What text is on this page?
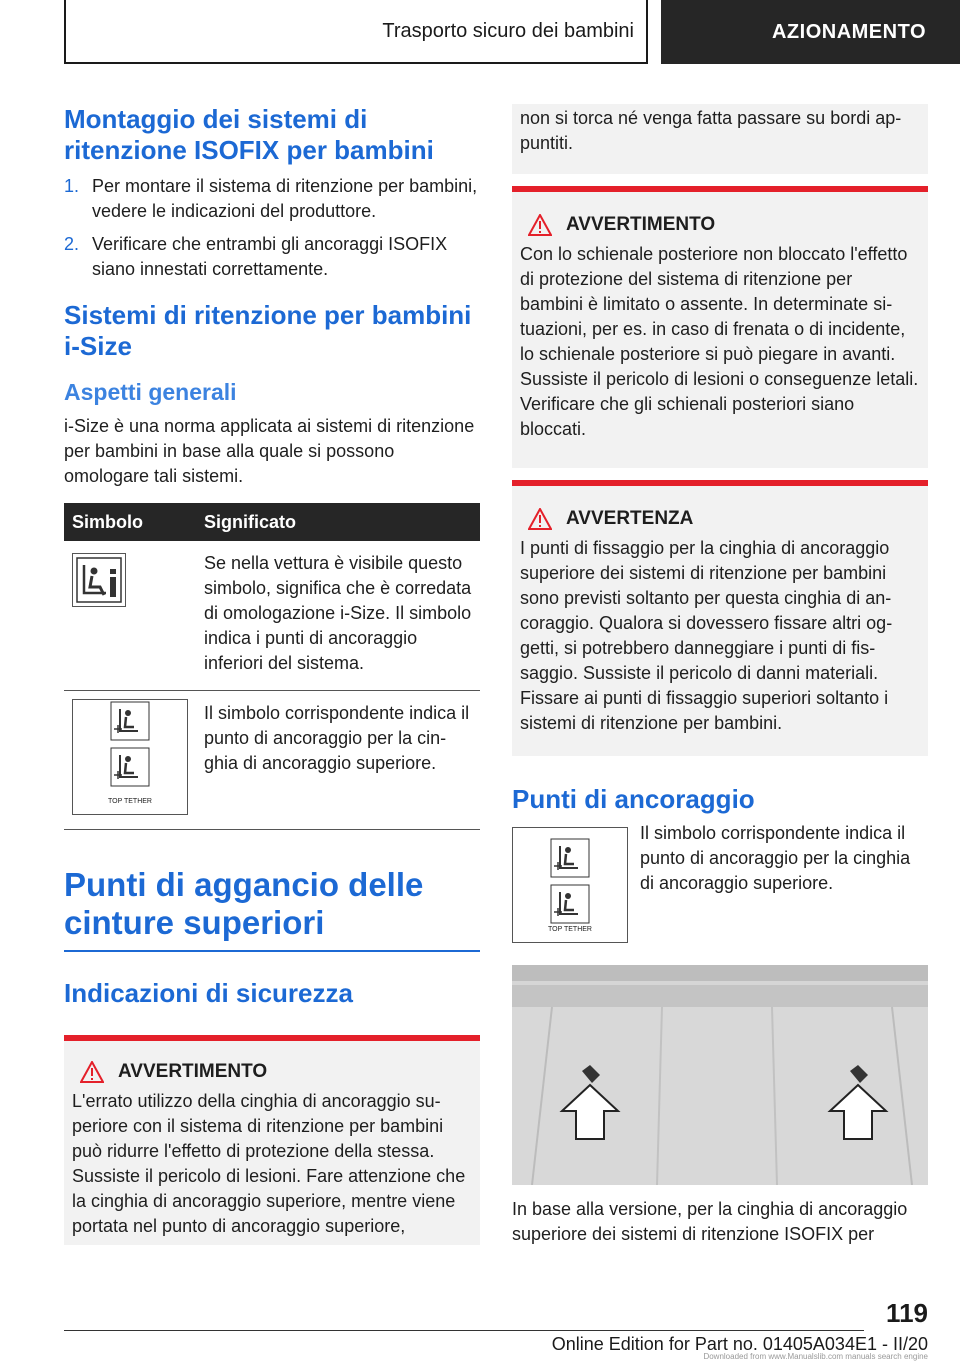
Trasporto sicuro dei bambini	AZIONAMENTO
Montaggio dei sistemi di ritenzione ISOFIX per bambini
1. Per montare il sistema di ritenzione per bambini, vedere le indicazioni del produttore.
2. Verificare che entrambi gli ancoraggi ISOFIX siano innestati correttamente.
Sistemi di ritenzione per bambini i-Size
Aspetti generali

i-Size è una norma applicata ai sistemi di ritenzione per bambini in base alla quale si possono omologare tali sistemi.

Simbolo	Significato

	Se nella vettura è visibile questo simbolo, significa che è corredata di omologazione i-Size. Il simbolo indica i punti di ancoraggio inferiori del sistema.

TOP TETHER	Il simbolo corrispondente indica il punto di ancoraggio per la cinghia di ancoraggio superiore.
Punti di aggancio delle cinture superiori
Indicazioni di sicurezza
AVVERTIMENTO

L'errato utilizzo della cinghia di ancoraggio superiore con il sistema di ritenzione per bambini può ridurre l'effetto di protezione della stessa. Sussiste il pericolo di lesioni. Fare attenzione che la cinghia di ancoraggio superiore, mentre viene portata nel punto di ancoraggio superiore,

non si torca né venga fatta passare su bordi appuntiti.

AVVERTIMENTO

Con lo schienale posteriore non bloccato l'effetto di protezione del sistema di ritenzione per bambini è limitato o assente. In determinate situazioni, per es. in caso di frenata o di incidente, lo schienale posteriore si può piegare in avanti. Sussiste il pericolo di lesioni o conseguenze letali. Verificare che gli schienali posteriori siano bloccati.

AVVERTENZA

I punti di fissaggio per la cinghia di ancoraggio superiore dei sistemi di ritenzione per bambini sono previsti soltanto per questa cinghia di ancoraggio. Qualora si dovessero fissare altri oggetti, si potrebbero danneggiare i punti di fissaggio. Sussiste il pericolo di danni materiali. Fissare ai punti di fissaggio superiori soltanto i sistemi di ritenzione per bambini.

Punti di ancoraggio
TOP TETHER

Il simbolo corrispondente indica il punto di ancoraggio per la cinghia di ancoraggio superiore.

In base alla versione, per la cinghia di ancoraggio superiore dei sistemi di ritenzione ISOFIX per

119
Online Edition for Part no. 01405A034E1 - II/20
Downloaded from www.Manualslib.com manuals search engine
